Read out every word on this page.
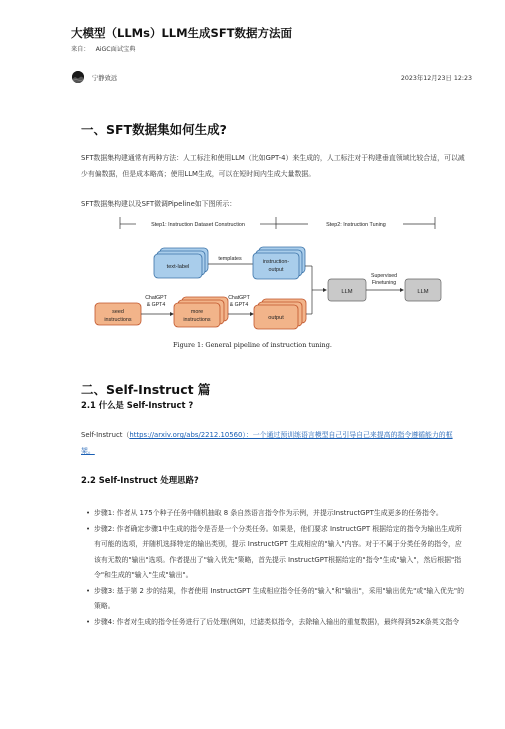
大模型（LLMs）LLM生成SFT数据方法面
来自： AiGC面试宝典
宁静致远	2023年12月23日 12:23
一、SFT数据集如何生成?
SFT数据集构建通常有两种方法：人工标注和使用LLM（比如GPT-4）来生成的，人工标注对于构建垂直领域比较合适，可以减少有偏数据，但是成本略高；使用LLM生成，可以在短时间内生成大量数据。
SFT数据集构建以及SFT微调Pipeline如下图所示：
Step1: Instruction Dataset Construction	Step2: Instruction Tuning
text-label
templates	instruction-
output
seed
instructions
ChatGPT
& GPT4
more
instructions
ChatGPT
& GPT4
output
LLM
Supervised
Finetuning
LLM
Figure 1: General pipeline of instruction tuning.
二、Self-Instruct 篇
2.1 什么是 Self-Instruct ?
Self-Instruct（https://arxiv.org/abs/2212.10560）：一个通过预训练语言模型自己引导自己来提高的指令遵循能力的框架。
2.2 Self-Instruct 处理思路?
• 步骤1: 作者从 175个种子任务中随机抽取 8 条自然语言指令作为示例，并提示InstructGPT生成更多的任务指令。
• 步骤2: 作者确定步骤1中生成的指令是否是一个分类任务。如果是，他们要求 InstructGPT 根据给定的指令为输出生成所有可能的选项，并随机选择特定的输出类别，提示 InstructGPT 生成相应的"输入"内容。对于不属于分类任务的指令，应该有无数的"输出"选项。作者提出了"输入优先"策略，首先提示 InstructGPT根据给定的"指令"生成"输入"，然后根据"指令"和生成的"输入"生成"输出"。
• 步骤3: 基于第 2 步的结果，作者使用 InstructGPT 生成相应指令任务的"输入"和"输出"，采用"输出优先"或"输入优先"的策略。
• 步骤4: 作者对生成的指令任务进行了后处理(例如，过滤类似指令，去除输入输出的重复数据)，最终得到52K条英文指令
